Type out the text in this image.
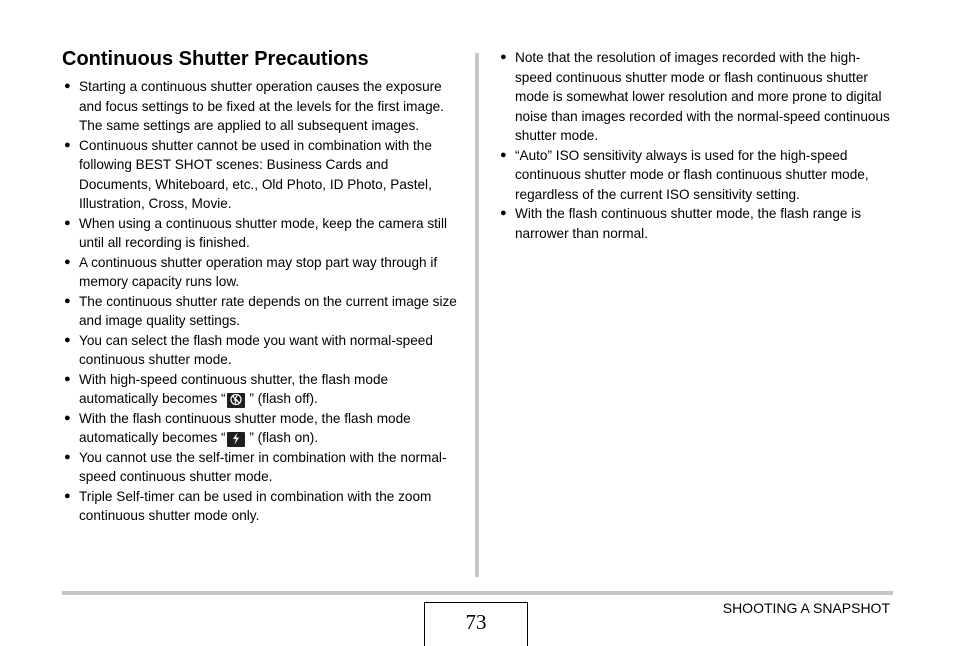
Continuous Shutter Precautions
● Starting a continuous shutter operation causes the exposure and focus settings to be fixed at the levels for the first image. The same settings are applied to all subsequent images.
● Continuous shutter cannot be used in combination with the following BEST SHOT scenes: Business Cards and Documents, Whiteboard, etc., Old Photo, ID Photo, Pastel, Illustration, Cross, Movie.
● When using a continuous shutter mode, keep the camera still until all recording is finished.
● A continuous shutter operation may stop part way through if memory capacity runs low.
● The continuous shutter rate depends on the current image size and image quality settings.
● You can select the flash mode you want with normal-speed continuous shutter mode.
● With high-speed continuous shutter, the flash mode automatically becomes “ ” (flash off).
● With the flash continuous shutter mode, the flash mode automatically becomes “ ” (flash on).
● You cannot use the self-timer in combination with the normal-speed continuous shutter mode.
● Triple Self-timer can be used in combination with the zoom continuous shutter mode only.
● Note that the resolution of images recorded with the high-speed continuous shutter mode or flash continuous shutter mode is somewhat lower resolution and more prone to digital noise than images recorded with the normal-speed continuous shutter mode.
● “Auto” ISO sensitivity always is used for the high-speed continuous shutter mode or flash continuous shutter mode, regardless of the current ISO sensitivity setting.
● With the flash continuous shutter mode, the flash range is narrower than normal.
73
SHOOTING A SNAPSHOT
